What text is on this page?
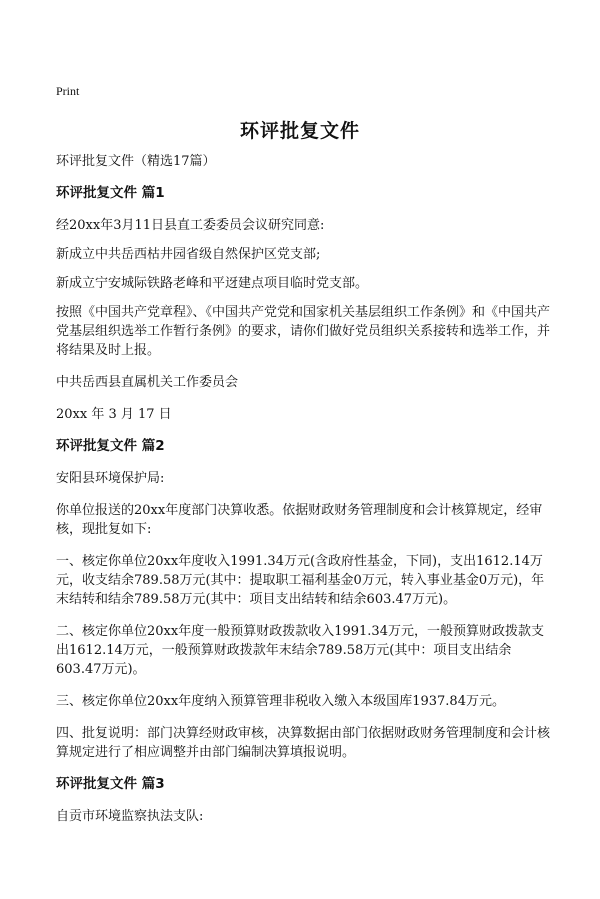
Print
环评批复文件

环评批复文件（精选17篇）

环评批复文件 篇1

经20xx年3月11日县直工委委员会议研究同意:

新成立中共岳西枯井园省级自然保护区党支部;

新成立宁安城际铁路老峰和平迓建点项目临时党支部。

按照《中国共产党章程》、《中国共产党党和国家机关基层组织工作条例》和《中国共产党基层组织选举工作暂行条例》的要求，请你们做好党员组织关系接转和选举工作，并将结果及时上报。

中共岳西县直属机关工作委员会

20xx 年 3 月 17 日

环评批复文件 篇2

安阳县环境保护局:

你单位报送的20xx年度部门决算收悉。依据财政财务管理制度和会计核算规定，经审核，现批复如下:

一、核定你单位20xx年度收入1991.34万元(含政府性基金，下同)，支出1612.14万元，收支结余789.58万元(其中：提取职工福利基金0万元，转入事业基金0万元)，年末结转和结余789.58万元(其中：项目支出结转和结余603.47万元)。

二、核定你单位20xx年度一般预算财政拨款收入1991.34万元，一般预算财政拨款支出1612.14万元，一般预算财政拨款年末结余789.58万元(其中：项目支出结余603.47万元)。

三、核定你单位20xx年度纳入预算管理非税收入缴入本级国库1937.84万元。

四、批复说明：部门决算经财政审核，决算数据由部门依据财政财务管理制度和会计核算规定进行了相应调整并由部门编制决算填报说明。

环评批复文件 篇3

自贡市环境监察执法支队:
